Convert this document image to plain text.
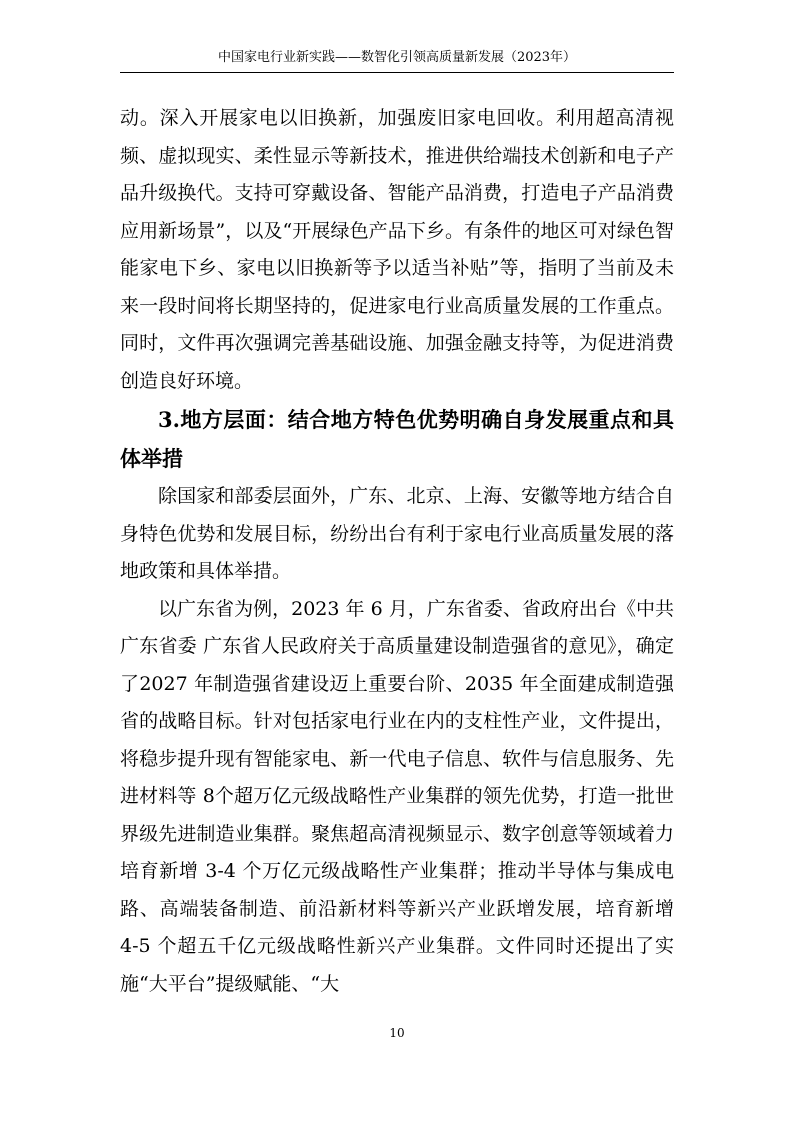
中国家电行业新实践——数智化引领高质量新发展（2023年）

动。深入开展家电以旧换新，加强废旧家电回收。利用超高清视频、虚拟现实、柔性显示等新技术，推进供给端技术创新和电子产品升级换代。支持可穿戴设备、智能产品消费，打造电子产品消费应用新场景”，以及“开展绿色产品下乡。有条件的地区可对绿色智能家电下乡、家电以旧换新等予以适当补贴”等，指明了当前及未来一段时间将长期坚持的，促进家电行业高质量发展的工作重点。同时，文件再次强调完善基础设施、加强金融支持等，为促进消费创造良好环境。

3.地方层面：结合地方特色优势明确自身发展重点和具体举措

除国家和部委层面外，广东、北京、上海、安徽等地方结合自身特色优势和发展目标，纷纷出台有利于家电行业高质量发展的落地政策和具体举措。

以广东省为例，2023 年 6 月，广东省委、省政府出台《中共广东省委 广东省人民政府关于高质量建设制造强省的意见》，确定了2027 年制造强省建设迈上重要台阶、2035 年全面建成制造强省的战略目标。针对包括家电行业在内的支柱性产业，文件提出，将稳步提升现有智能家电、新一代电子信息、软件与信息服务、先进材料等 8个超万亿元级战略性产业集群的领先优势，打造一批世界级先进制造业集群。聚焦超高清视频显示、数字创意等领域着力培育新增 3-4 个万亿元级战略性产业集群；推动半导体与集成电路、高端装备制造、前沿新材料等新兴产业跃增发展，培育新增 4-5 个超五千亿元级战略性新兴产业集群。文件同时还提出了实施“大平台”提级赋能、“大

10
